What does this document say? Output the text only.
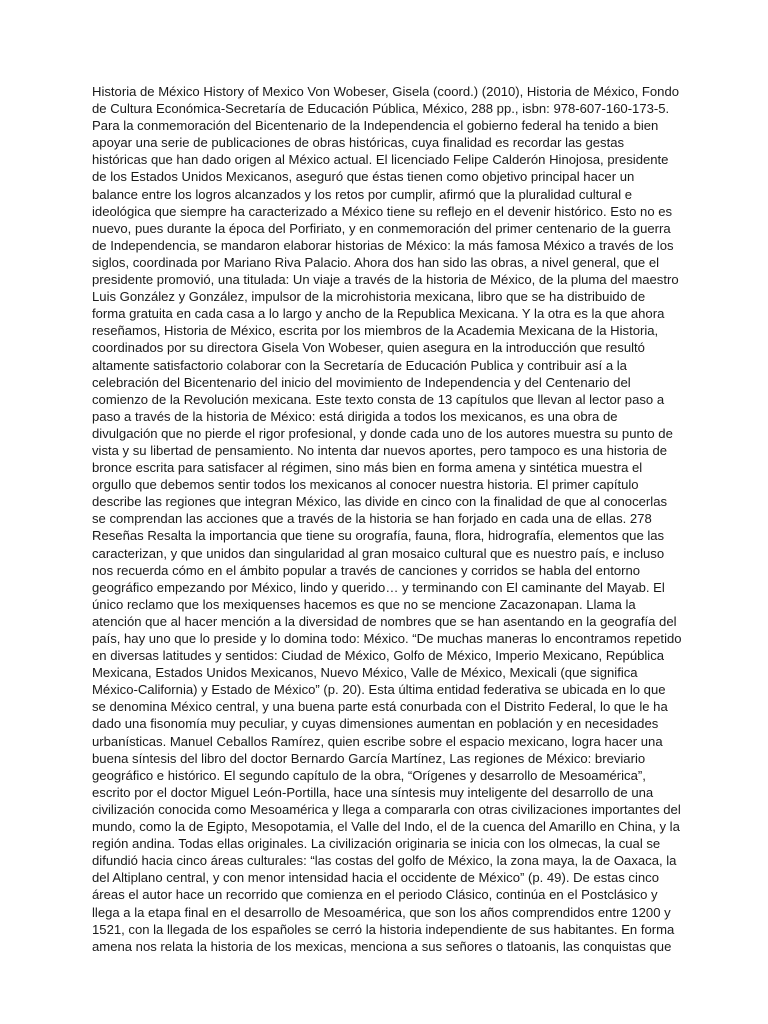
Historia de México History of Mexico Von Wobeser, Gisela (coord.) (2010), Historia de México, Fondo de Cultura Económica-Secretaría de Educación Pública, México, 288 pp., isbn: 978-607-160-173-5. Para la conmemoración del Bicentenario de la Independencia el gobierno federal ha tenido a bien apoyar una serie de publicaciones de obras históricas, cuya finalidad es recordar las gestas históricas que han dado origen al México actual. El licenciado Felipe Calderón Hinojosa, presidente de los Estados Unidos Mexicanos, aseguró que éstas tienen como objetivo principal hacer un balance entre los logros alcanzados y los retos por cumplir, afirmó que la pluralidad cultural e ideológica que siempre ha caracterizado a México tiene su reflejo en el devenir histórico. Esto no es nuevo, pues durante la época del Porfiriato, y en conmemoración del primer centenario de la guerra de Independencia, se mandaron elaborar historias de México: la más famosa México a través de los siglos, coordinada por Mariano Riva Palacio. Ahora dos han sido las obras, a nivel general, que el presidente promovió, una titulada: Un viaje a través de la historia de México, de la pluma del maestro Luis González y González, impulsor de la microhistoria mexicana, libro que se ha distribuido de forma gratuita en cada casa a lo largo y ancho de la Republica Mexicana. Y la otra es la que ahora reseñamos, Historia de México, escrita por los miembros de la Academia Mexicana de la Historia, coordinados por su directora Gisela Von Wobeser, quien asegura en la introducción que resultó altamente satisfactorio colaborar con la Secretaría de Educación Publica y contribuir así a la celebración del Bicentenario del inicio del movimiento de Independencia y del Centenario del comienzo de la Revolución mexicana. Este texto consta de 13 capítulos que llevan al lector paso a paso a través de la historia de México: está dirigida a todos los mexicanos, es una obra de divulgación que no pierde el rigor profesional, y donde cada uno de los autores muestra su punto de vista y su libertad de pensamiento. No intenta dar nuevos aportes, pero tampoco es una historia de bronce escrita para satisfacer al régimen, sino más bien en forma amena y sintética muestra el orgullo que debemos sentir todos los mexicanos al conocer nuestra historia. El primer capítulo describe las regiones que integran México, las divide en cinco con la finalidad de que al conocerlas se comprendan las acciones que a través de la historia se han forjado en cada una de ellas. 278 Reseñas Resalta la importancia que tiene su orografía, fauna, flora, hidrografía, elementos que las caracterizan, y que unidos dan singularidad al gran mosaico cultural que es nuestro país, e incluso nos recuerda cómo en el ámbito popular a través de canciones y corridos se habla del entorno geográfico empezando por México, lindo y querido… y terminando con El caminante del Mayab. El único reclamo que los mexiquenses hacemos es que no se mencione Zacazonapan. Llama la atención que al hacer mención a la diversidad de nombres que se han asentando en la geografía del país, hay uno que lo preside y lo domina todo: México. “De muchas maneras lo encontramos repetido en diversas latitudes y sentidos: Ciudad de México, Golfo de México, Imperio Mexicano, República Mexicana, Estados Unidos Mexicanos, Nuevo México, Valle de México, Mexicali (que significa México-California) y Estado de México” (p. 20). Esta última entidad federativa se ubicada en lo que se denomina México central, y una buena parte está conurbada con el Distrito Federal, lo que le ha dado una fisonomía muy peculiar, y cuyas dimensiones aumentan en población y en necesidades urbanísticas. Manuel Ceballos Ramírez, quien escribe sobre el espacio mexicano, logra hacer una buena síntesis del libro del doctor Bernardo García Martínez, Las regiones de México: breviario geográfico e histórico. El segundo capítulo de la obra, “Orígenes y desarrollo de Mesoamérica”, escrito por el doctor Miguel León-Portilla, hace una síntesis muy inteligente del desarrollo de una civilización conocida como Mesoamérica y llega a compararla con otras civilizaciones importantes del mundo, como la de Egipto, Mesopotamia, el Valle del Indo, el de la cuenca del Amarillo en China, y la región andina. Todas ellas originales. La civilización originaria se inicia con los olmecas, la cual se difundió hacia cinco áreas culturales: “las costas del golfo de México, la zona maya, la de Oaxaca, la del Altiplano central, y con menor intensidad hacia el occidente de México” (p. 49). De estas cinco áreas el autor hace un recorrido que comienza en el periodo Clásico, continúa en el Postclásico y llega a la etapa final en el desarrollo de Mesoamérica, que son los años comprendidos entre 1200 y 1521, con la llegada de los españoles se cerró la historia independiente de sus habitantes. En forma amena nos relata la historia de los mexicas, menciona a sus señores o tlatoanis, las conquistas que
